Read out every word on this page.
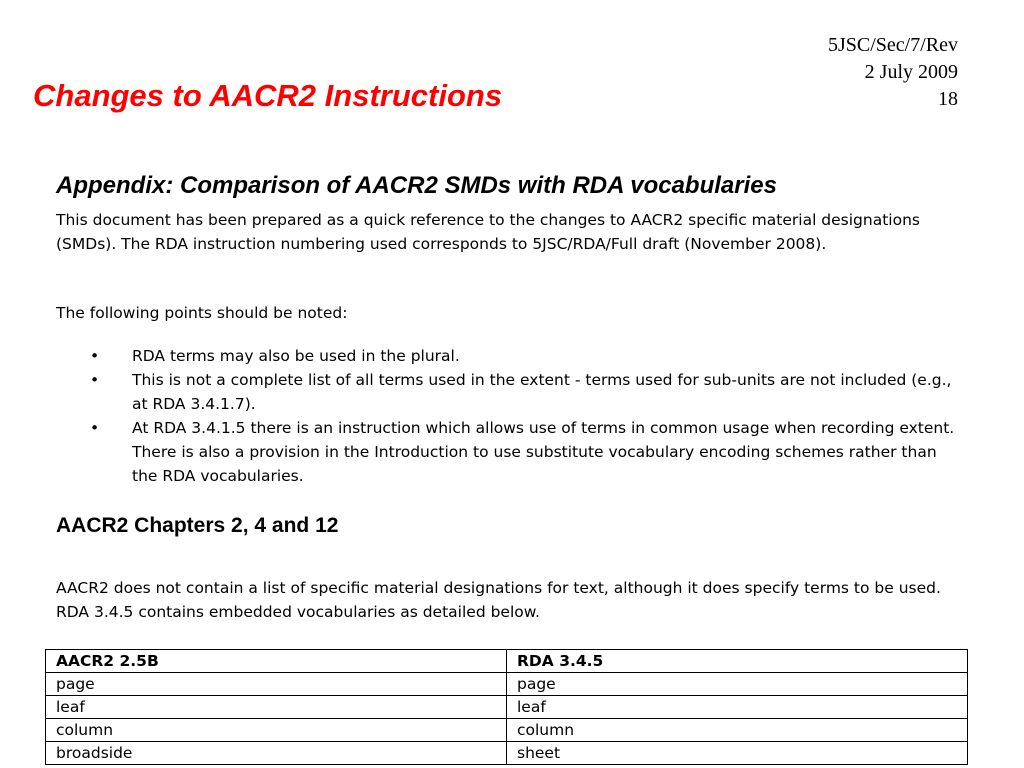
Changes to AACR2 Instructions
5JSC/Sec/7/Rev
2 July 2009
18
Appendix: Comparison of AACR2 SMDs with RDA vocabularies

This document has been prepared as a quick reference to the changes to AACR2 specific material designations (SMDs). The RDA instruction numbering used corresponds to 5JSC/RDA/Full draft (November 2008).

The following points should be noted:

• RDA terms may also be used in the plural.
• This is not a complete list of all terms used in the extent - terms used for sub-units are not included (e.g., at RDA 3.4.1.7).
• At RDA 3.4.1.5 there is an instruction which allows use of terms in common usage when recording extent. There is also a provision in the Introduction to use substitute vocabulary encoding schemes rather than the RDA vocabularies.
AACR2 Chapters 2, 4 and 12

AACR2 does not contain a list of specific material designations for text, although it does specify terms to be used. RDA 3.4.5 contains embedded vocabularies as detailed below.

AACR2 2.5B	RDA 3.4.5
page	page
leaf	leaf
column	column
broadside	sheet
